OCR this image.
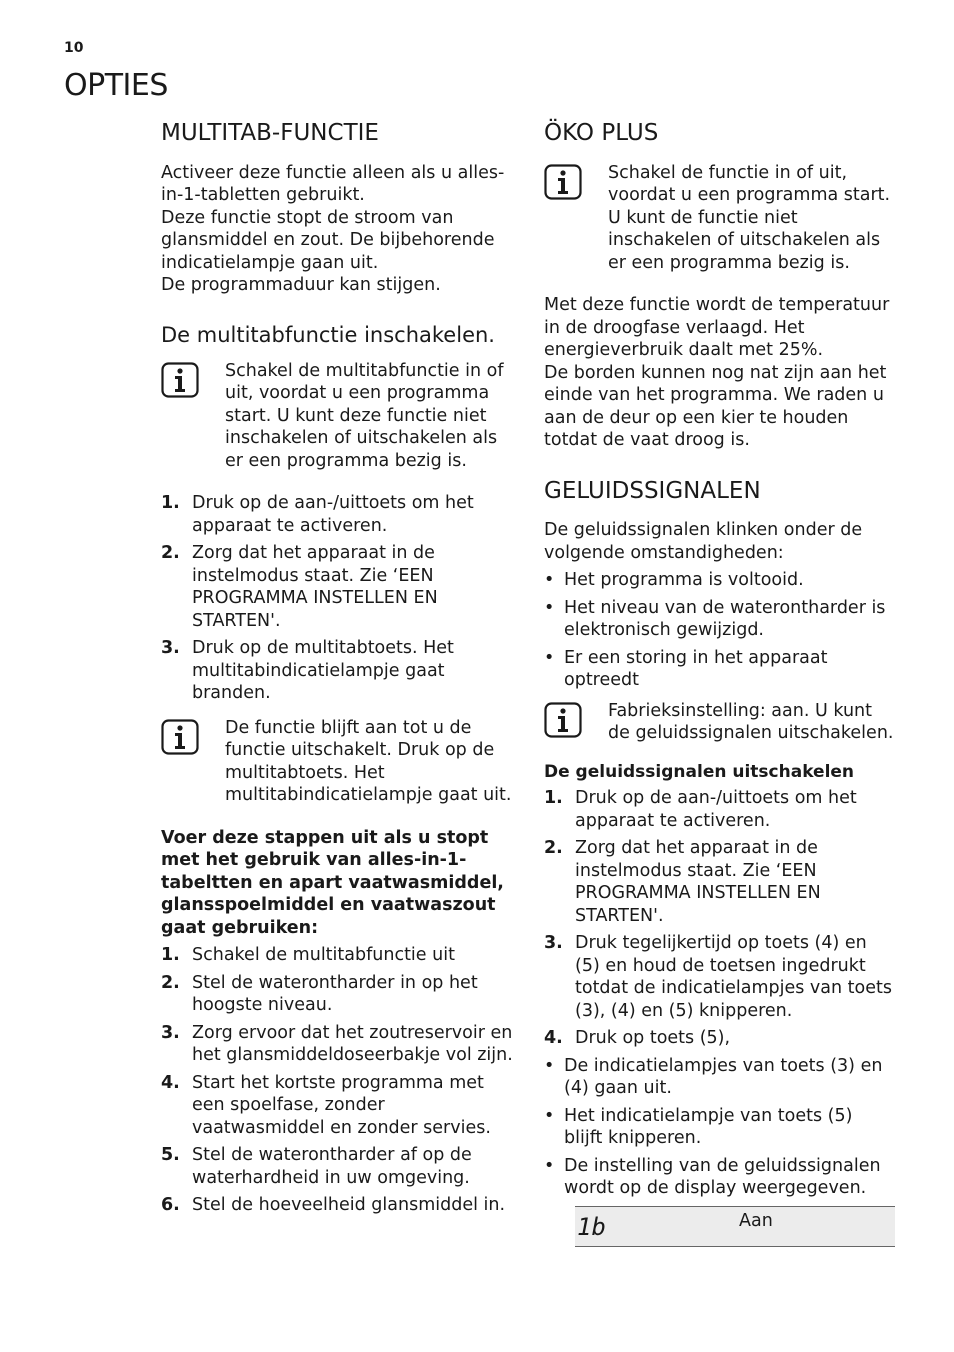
10
OPTIES
MULTITAB-FUNCTIE

Activeer deze functie alleen als u alles-in-1-tabletten gebruikt.

Deze functie stopt de stroom van glansmiddel en zout. De bijbehorende indicatielampje gaan uit.

De programmaduur kan stijgen.

De multitabfunctie inschakelen.

Schakel de multitabfunctie in of uit, voordat u een programma start. U kunt deze functie niet inschakelen of uitschakelen als er een programma bezig is.

1. Druk op de aan-/uittoets om het apparaat te activeren.
2. Zorg dat het apparaat in de instelmodus staat. Zie ‘EEN PROGRAMMA INSTELLEN EN STARTEN'.
3. Druk op de multitabtoets. Het multitabindicatielampje gaat branden.

De functie blijft aan tot u de functie uitschakelt. Druk op de multitabtoets. Het multitabindicatielampje gaat uit.

Voer deze stappen uit als u stopt met het gebruik van alles-in-1-tabeltten en apart vaatwasmiddel, glansspoelmiddel en vaatwaszout gaat gebruiken:

1. Schakel de multitabfunctie uit
2. Stel de waterontharder in op het hoogste niveau.
3. Zorg ervoor dat het zoutreservoir en het glansmiddeldoseerbakje vol zijn.
4. Start het kortste programma met een spoelfase, zonder vaatwasmiddel en zonder servies.
5. Stel de waterontharder af op de waterhardheid in uw omgeving.
6. Stel de hoeveelheid glansmiddel in.
ÖKO PLUS

Schakel de functie in of uit, voordat u een programma start. U kunt de functie niet inschakelen of uitschakelen als er een programma bezig is.

Met deze functie wordt de temperatuur in de droogfase verlaagd. Het energieverbruik daalt met 25%.

De borden kunnen nog nat zijn aan het einde van het programma. We raden u aan de deur op een kier te houden totdat de vaat droog is.

GELUIDSSIGNALEN

De geluidssignalen klinken onder de volgende omstandigheden:

• Het programma is voltooid.
• Het niveau van de waterontharder is elektronisch gewijzigd.
• Er een storing in het apparaat optreedt

Fabrieksinstelling: aan. U kunt de geluidssignalen uitschakelen.

De geluidssignalen uitschakelen

1. Druk op de aan-/uittoets om het apparaat te activeren.
2. Zorg dat het apparaat in de instelmodus staat. Zie ‘EEN PROGRAMMA INSTELLEN EN STARTEN'.
3. Druk tegelijkertijd op toets (4) en (5) en houd de toetsen ingedrukt totdat de indicatielampjes van toets (3), (4) en (5) knipperen.
4. Druk op toets (5),
• De indicatielampjes van toets (3) en (4) gaan uit.
• Het indicatielampje van toets (5) blijft knipperen.
• De instelling van de geluidssignalen wordt op de display weergegeven.
1b	Aan
